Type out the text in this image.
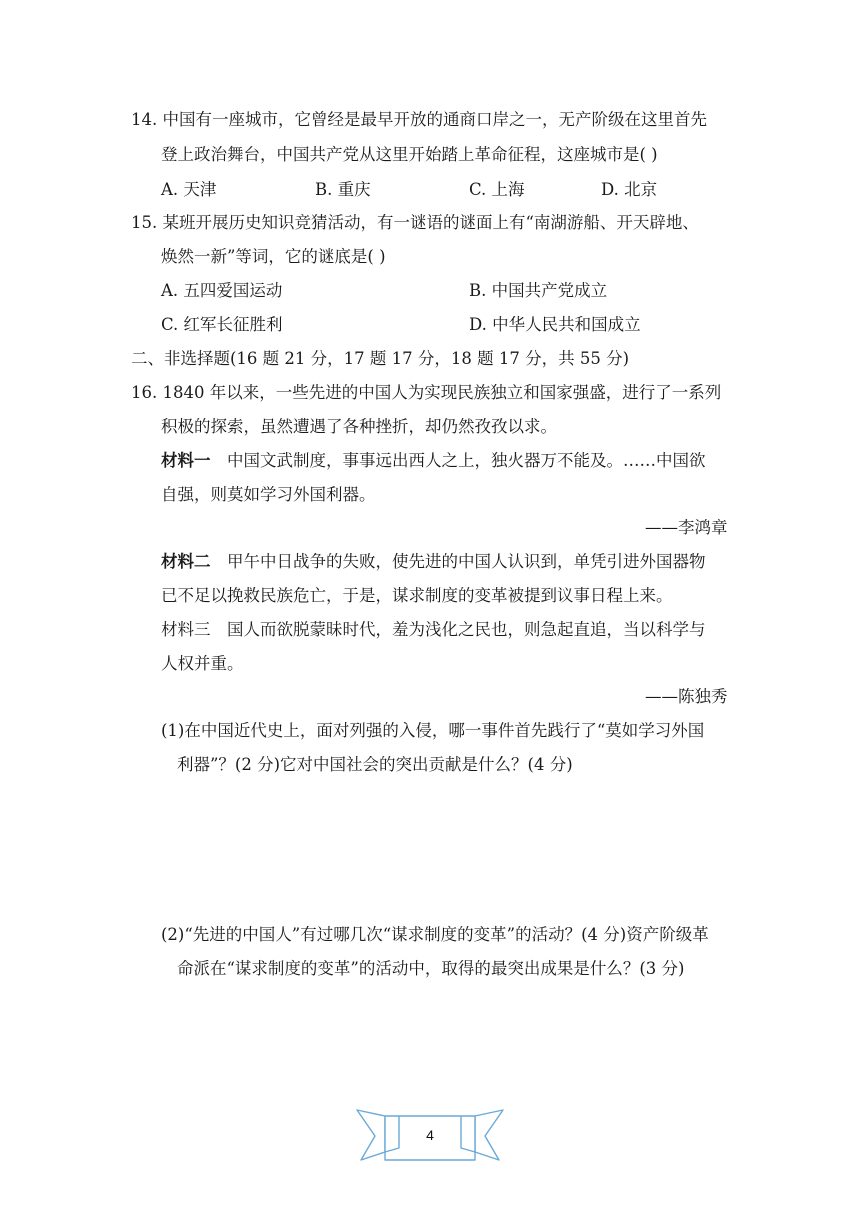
14. 中国有一座城市，它曾经是最早开放的通商口岸之一，无产阶级在这里首先
登上政治舞台，中国共产党从这里开始踏上革命征程，这座城市是( )
A. 天津	B. 重庆	C. 上海	D. 北京
15. 某班开展历史知识竞猜活动，有一谜语的谜面上有“南湖游船、开天辟地、
焕然一新”等词，它的谜底是( )
A. 五四爱国运动	B. 中国共产党成立
C. 红军长征胜利	D. 中华人民共和国成立
二、非选择题(16 题 21 分，17 题 17 分，18 题 17 分，共 55 分)
16. 1840 年以来，一些先进的中国人为实现民族独立和国家强盛，进行了一系列
积极的探索，虽然遭遇了各种挫折，却仍然孜孜以求。
材料一　 中国文武制度，事事远出西人之上，独火器万不能及。……中国欲
自强，则莫如学习外国利器。
——李鸿章
材料二　 甲午中日战争的失败，使先进的中国人认识到，单凭引进外国器物
已不足以挽救民族危亡，于是，谋求制度的变革被提到议事日程上来。
材料三　 国人而欲脱蒙昧时代，羞为浅化之民也，则急起直追，当以科学与
人权并重。
——陈独秀
(1)在中国近代史上，面对列强的入侵，哪一事件首先践行了“莫如学习外国
利器”？(2 分)它对中国社会的突出贡献是什么？(4 分)
(2)“先进的中国人”有过哪几次“谋求制度的变革”的活动？(4 分)资产阶级革
命派在“谋求制度的变革”的活动中，取得的最突出成果是什么？(3 分)
4
